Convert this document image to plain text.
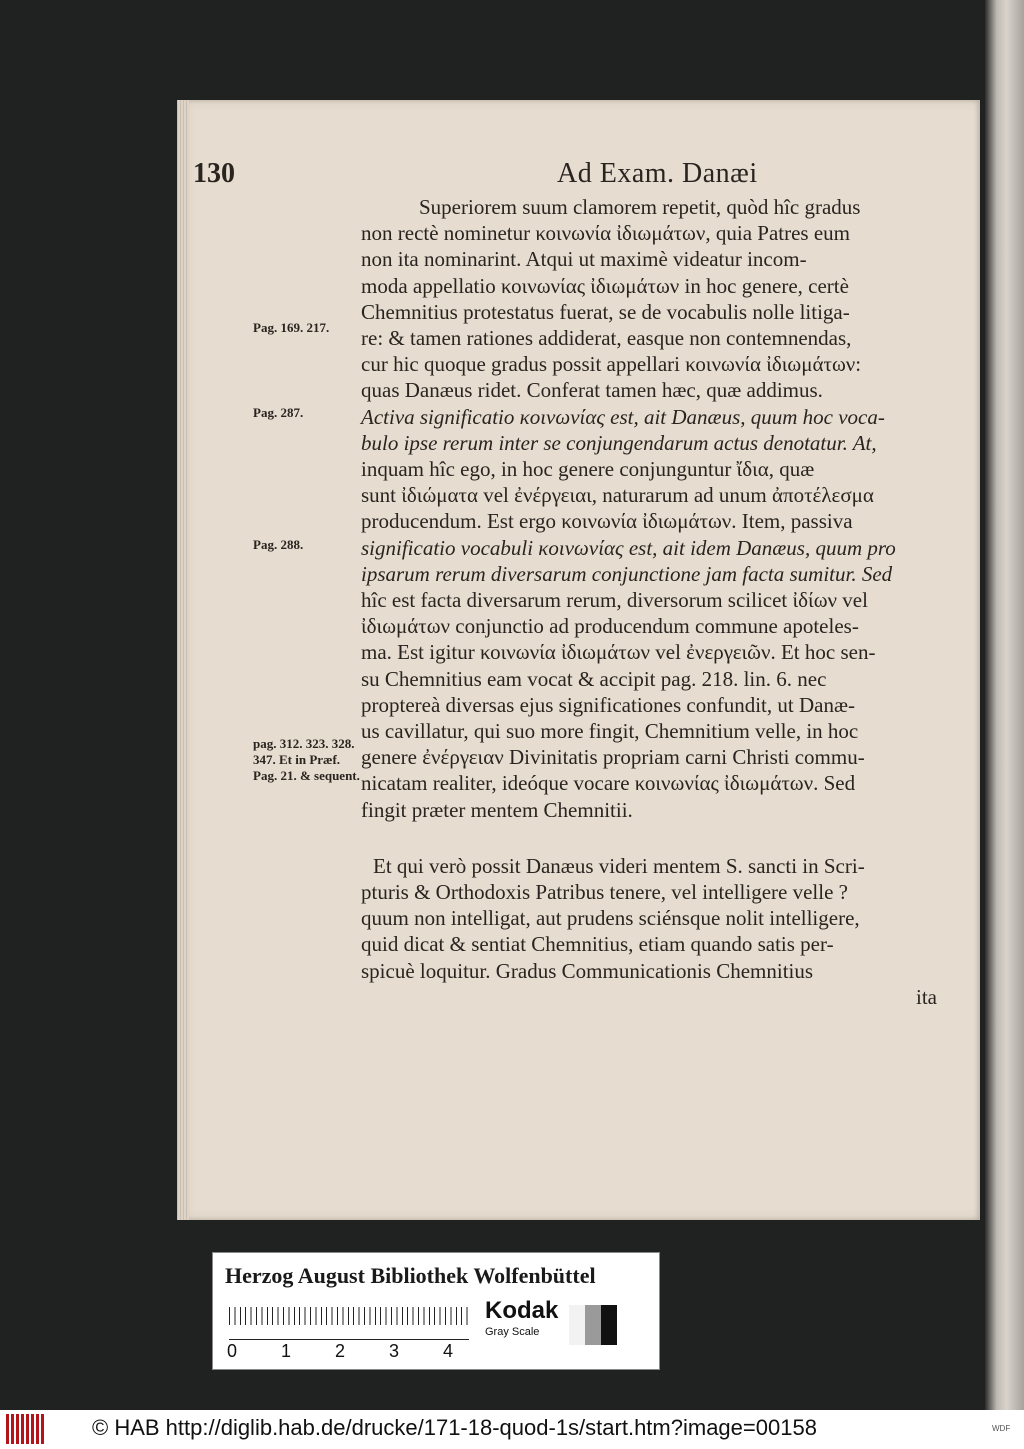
130	Ad Exam. Danæi
Pag. 169. 217.
Pag. 287.
Pag. 288.
pag. 312. 323. 328. 347. Et in Præf. Pag. 21. & sequent.

Superiorem suum clamorem repetit, quòd hîc gradus
non rectè nominetur κοινωνία ἰδιωμάτων, quia Patres eum
non ita nominarint. Atqui ut maximè videatur incom-
moda appellatio κοινωνίας ἰδιωμάτων in hoc genere, certè
Chemnitius protestatus fuerat, se de vocabulis nolle litiga-
re: & tamen rationes addiderat, easque non contemnendas,
cur hic quoque gradus possit appellari κοινωνία ἰδιωμάτων:
quas Danæus ridet. Conferat tamen hæc, quæ addimus.
Activa significatio κοινωνίας est, ait Danæus, quum hoc voca-
bulo ipse rerum inter se conjungendarum actus denotatur. At,
inquam hîc ego, in hoc genere conjunguntur ἴδια, quæ
sunt ἰδιώματα vel ἐνέργειαι, naturarum ad unum ἀποτέλεσμα
producendum. Est ergo κοινωνία ἰδιωμάτων. Item, passiva
significatio vocabuli κοινωνίας est, ait idem Danæus, quum pro
ipsarum rerum diversarum conjunctione jam facta sumitur. Sed
hîc est facta diversarum rerum, diversorum scilicet ἰδίων vel
ἰδιωμάτων conjunctio ad producendum commune apoteles-
ma. Est igitur κοινωνία ἰδιωμάτων vel ἐνεργειῶν. Et hoc sen-
su Chemnitius eam vocat & accipit pag. 218. lin. 6. nec
proptereà diversas ejus significationes confundit, ut Danæ-
us cavillatur, qui suo more fingit, Chemnitium velle, in hoc
genere ἐνέργειαν Divinitatis propriam carni Christi commu-
nicatam realiter, ideóque vocare κοινωνίας ἰδιωμάτων. Sed
fingit præter mentem Chemnitii.

Et qui verò possit Danæus videri mentem S. sancti in Scri-
pturis & Orthodoxis Patribus tenere, vel intelligere velle ?
quum non intelligat, aut prudens sciénsque nolit intelligere,
quid dicat & sentiat Chemnitius, etiam quando satis per-
spicuè loquitur. Gradus Communicationis Chemnitius

ita

Herzog August Bibliothek Wolfenbüttel
0 1 2 3 4
Kodak
Gray Scale
© HAB http://diglib.hab.de/drucke/171-18-quod-1s/start.htm?image=00158	WDF
